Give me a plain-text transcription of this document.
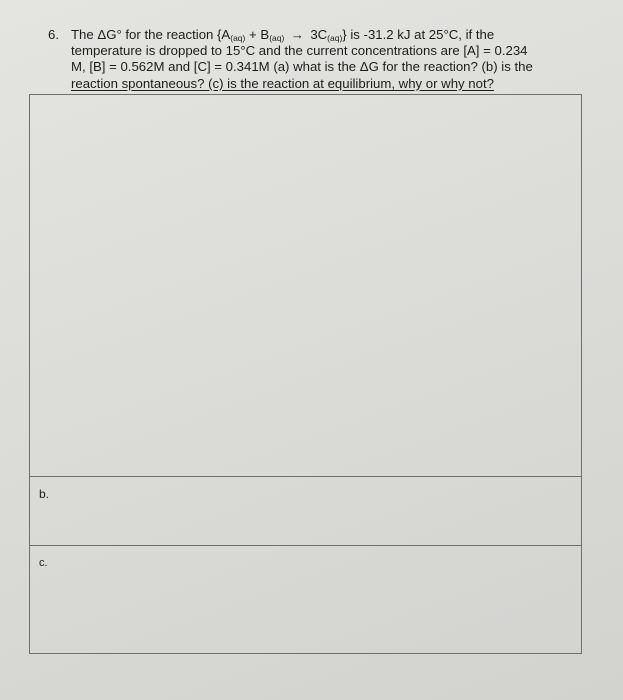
6. The ΔG° for the reaction $\{A_{(aq)} + B_{(aq)} \to 3C_{(aq)}\}$ is -31.2 kJ at 25°C, if the
temperature is dropped to 15°C and the current concentrations are [A] = 0.234
M, [B] = 0.562M and [C] = 0.341M (a) what is the ΔG for the reaction? (b) is the
reaction spontaneous? (c) is the reaction at equilibrium, why or why not?
b.
c.
